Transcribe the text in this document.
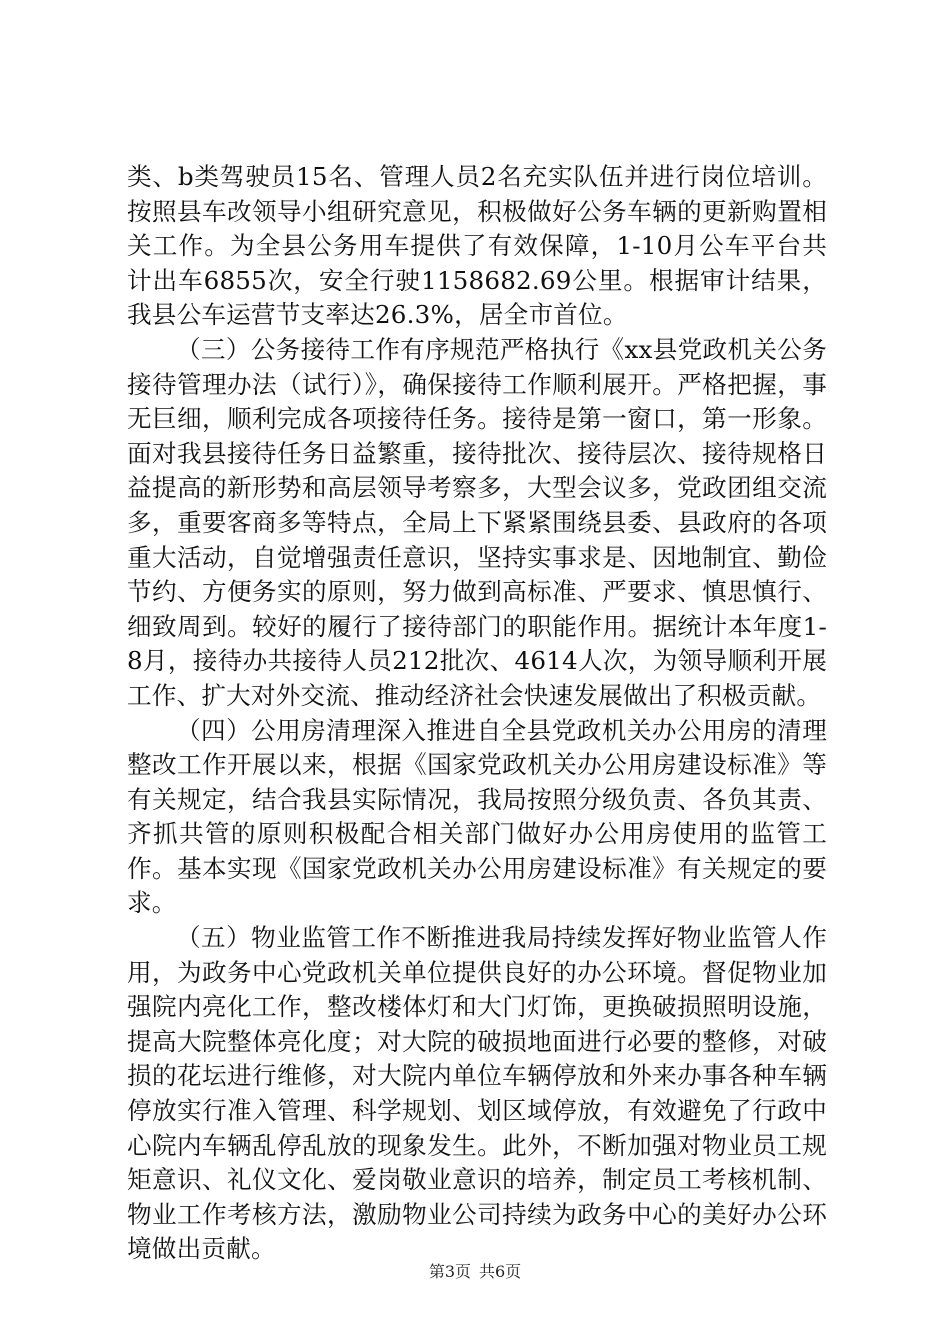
类、b类驾驶员15名、管理人员2名充实队伍并进行岗位培训。按照县车改领导小组研究意见，积极做好公务车辆的更新购置相关工作。为全县公务用车提供了有效保障，1-10月公车平台共计出车6855次，安全行驶1158682.69公里。根据审计结果，我县公车运营节支率达26.3%，居全市首位。

（三）公务接待工作有序规范严格执行《xx县党政机关公务接待管理办法（试行）》，确保接待工作顺利展开。严格把握，事无巨细，顺利完成各项接待任务。接待是第一窗口，第一形象。面对我县接待任务日益繁重，接待批次、接待层次、接待规格日益提高的新形势和高层领导考察多，大型会议多，党政团组交流多，重要客商多等特点，全局上下紧紧围绕县委、县政府的各项重大活动，自觉增强责任意识，坚持实事求是、因地制宜、勤俭节约、方便务实的原则，努力做到高标准、严要求、慎思慎行、细致周到。较好的履行了接待部门的职能作用。据统计本年度1-8月，接待办共接待人员212批次、4614人次，为领导顺利开展工作、扩大对外交流、推动经济社会快速发展做出了积极贡献。

（四）公用房清理深入推进自全县党政机关办公用房的清理整改工作开展以来，根据《国家党政机关办公用房建设标准》等有关规定，结合我县实际情况，我局按照分级负责、各负其责、齐抓共管的原则积极配合相关部门做好办公用房使用的监管工作。基本实现《国家党政机关办公用房建设标准》有关规定的要求。

（五）物业监管工作不断推进我局持续发挥好物业监管人作用，为政务中心党政机关单位提供良好的办公环境。督促物业加强院内亮化工作，整改楼体灯和大门灯饰，更换破损照明设施，提高大院整体亮化度；对大院的破损地面进行必要的整修，对破损的花坛进行维修，对大院内单位车辆停放和外来办事各种车辆停放实行准入管理、科学规划、划区域停放，有效避免了行政中心院内车辆乱停乱放的现象发生。此外，不断加强对物业员工规矩意识、礼仪文化、爱岗敬业意识的培养，制定员工考核机制、物业工作考核方法，激励物业公司持续为政务中心的美好办公环境做出贡献。

第3页 共6页
